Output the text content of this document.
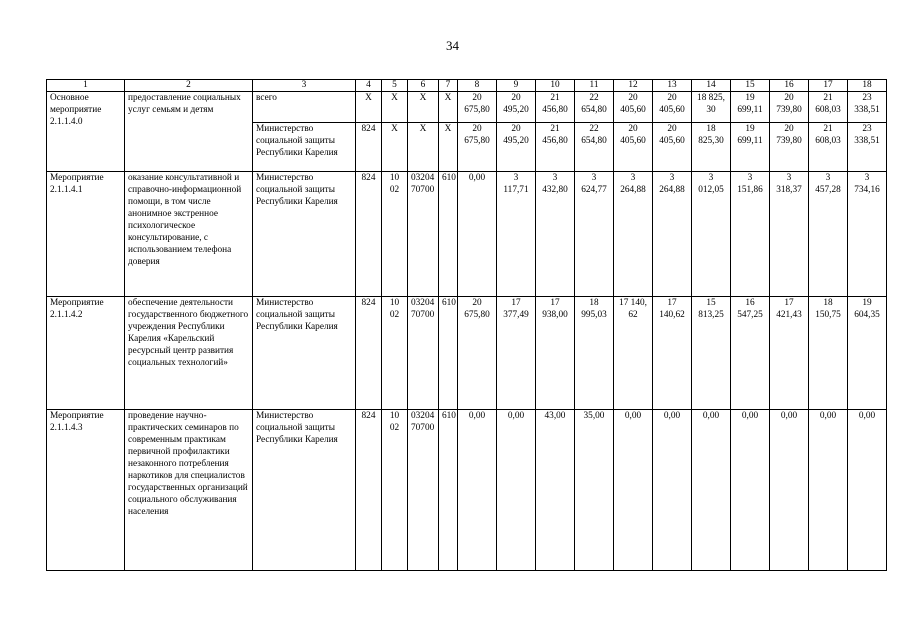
34
1	2	3	4	5	6	7	8	9	10	11	12	13	14	15	16	17	18
Основное мероприятие 2.1.1.4.0	предоставление социальных услуг семьям и детям	всего	Х	Х	Х	Х	20 675,80	20 495,20	21 456,80	22 654,80	20 405,60	20 405,60	18 825, 30	19 699,11	20 739,80	21 608,03	23 338,51
		Министерство социальной защиты Республики Карелия	824	Х	Х	Х	20 675,80	20 495,20	21 456,80	22 654,80	20 405,60	20 405,60	18 825,30	19 699,11	20 739,80	21 608,03	23 338,51
Мероприятие 2.1.1.4.1	оказание консультативной и справочно-информационной помощи, в том числе анонимное экстренное психологическое консультирование, с использованием телефона доверия	Министерство социальной защиты Республики Карелия	824	10 02	03204 70700	610	0,00	3 117,71	3 432,80	3 624,77	3 264,88	3 264,88	3 012,05	3 151,86	3 318,37	3 457,28	3 734,16
Мероприятие 2.1.1.4.2	обеспечение деятельности государственного бюджетного учреждения Республики Карелия «Карельский ресурсный центр развития социальных технологий»	Министерство социальной защиты Республики Карелия	824	10 02	03204 70700	610	20 675,80	17 377,49	17 938,00	18 995,03	17 140, 62	17 140,62	15 813,25	16 547,25	17 421,43	18 150,75	19 604,35
Мероприятие 2.1.1.4.3	проведение научно-практических семинаров по современным практикам первичной профилактики незаконного потребления наркотиков для специалистов государственных организаций социального обслуживания населения	Министерство социальной защиты Республики Карелия	824	10 02	03204 70700	610	0,00	0,00	43,00	35,00	0,00	0,00	0,00	0,00	0,00	0,00	0,00
